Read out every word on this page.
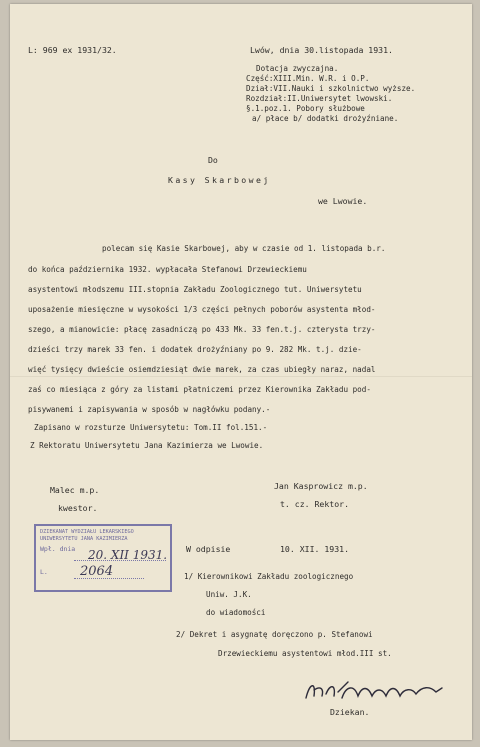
L: 969 ex 1931/32.	Lwów, dnia 30.listopada 1931.
Dotacja zwyczajna.
Część:XIII.Min. W.R. i O.P.
Dział:VII.Nauki i szkolnictwo wyższe.
Rozdział:II.Uniwersytet lwowski.
§.1.poz.1. Pobory służbowe
a/ płace b/ dodatki drożyźniane.
Do
Kasy Skarbowej
we Lwowie.
polecam się Kasie Skarbowej, aby w czasie od 1. listopada b.r.
do końca października 1932. wypłacała Stefanowi Drzewieckiemu
asystentowi młodszemu III.stopnia Zakładu Zoologicznego tut. Uniwersytetu
uposażenie miesięczne w wysokości 1/3 części pełnych poborów asystenta młod-
szego, a mianowicie: płacę zasadniczą po 433 Mk. 33 fen.t.j. czterysta trzy-
dzieści trzy marek 33 fen. i dodatek drożyźniany po 9. 282 Mk. t.j. dzie-
więć tysięcy dwieście osiemdziesiąt dwie marek, za czas ubiegły naraz, nadal
zaś co miesiąca z góry za listami płatniczemi przez Kierownika Zakładu pod-
pisywanemi i zapisywania w sposób w nagłówku podany.-
Zapisano w rozsturze Uniwersytetu: Tom.II fol.151.-
Z Rektoratu Uniwersytetu Jana Kazimierza we Lwowie.
Malec m.p.
kwestor.
Jan Kasprowicz m.p.
t. cz. Rektor.
DZIEKANAT WYDZIAŁU LEKARSKIEGO
UNIWERSYTETU JANA KAZIMIERZA
Wpł. dnia 20. XII 1931.
L. 2064
W odpisie	10. XII. 1931.
1/ Kierownikowi Zakładu zoologicznego
Uniw. J.K.
do wiadomości
2/ Dekret i asygnatę doręczono p. Stefanowi
Drzewieckiemu asystentowi młod.III st.
Dziekan.
